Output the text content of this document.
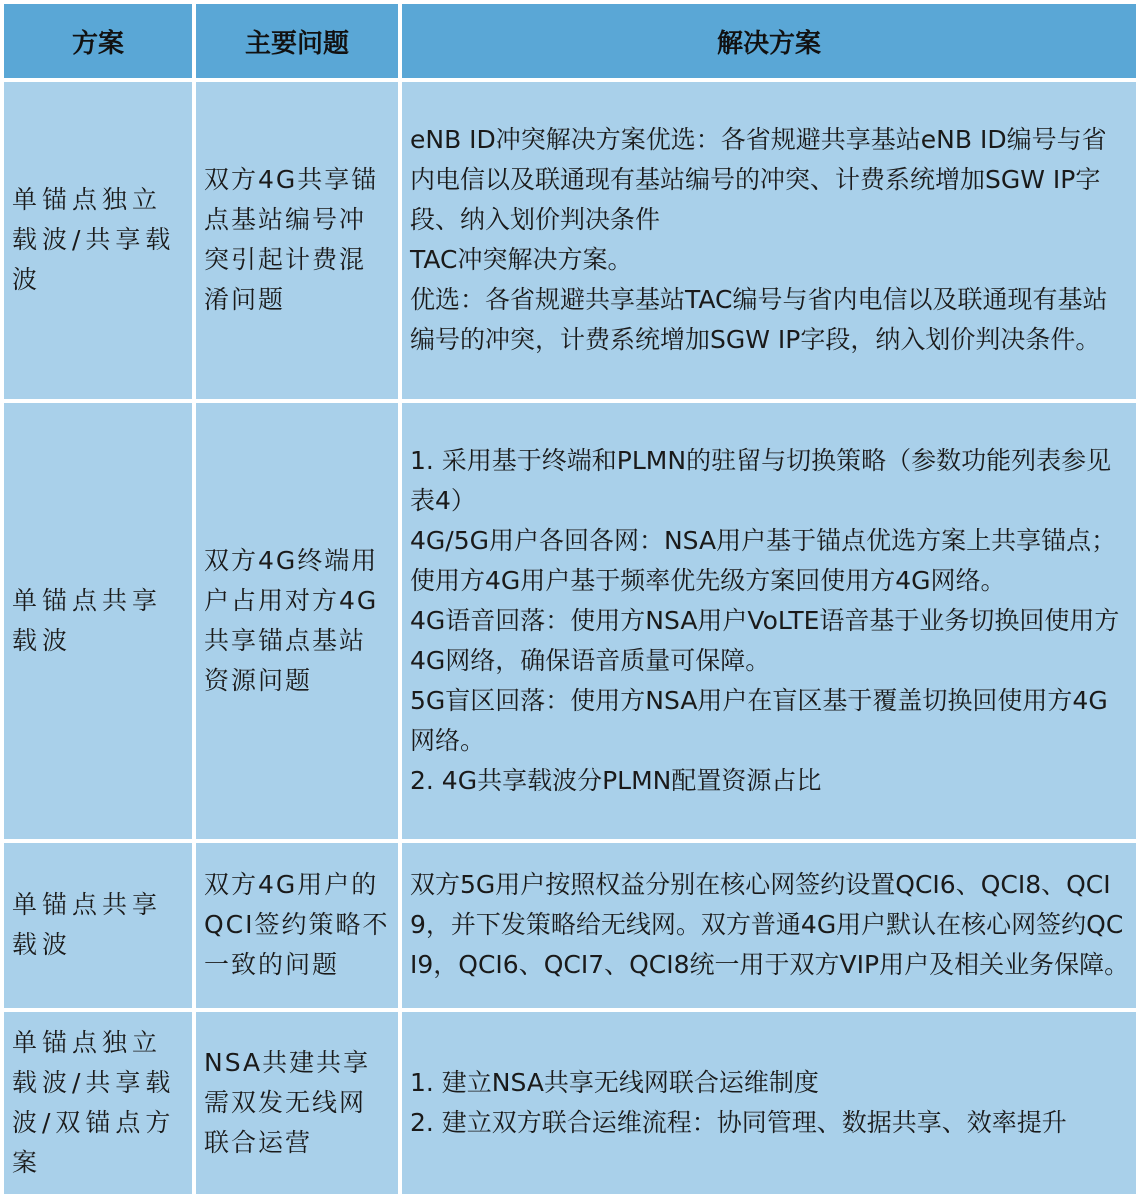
方案	主要问题	解决方案
单锚点独立载波/共享载波	双方4G共享锚点基站编号冲突引起计费混淆问题	eNB ID冲突解决方案优选：各省规避共享基站eNB ID编号与省内电信以及联通现有基站编号的冲突、计费系统增加SGW IP字段、纳入划价判决条件
TAC冲突解决方案。
优选：各省规避共享基站TAC编号与省内电信以及联通现有基站编号的冲突，计费系统增加SGW IP字段，纳入划价判决条件。

单锚点共享载波	双方4G终端用户占用对方4G共享锚点基站资源问题	1. 采用基于终端和PLMN的驻留与切换策略（参数功能列表参见表4）
4G/5G用户各回各网：NSA用户基于锚点优选方案上共享锚点；使用方4G用户基于频率优先级方案回使用方4G网络。
4G语音回落：使用方NSA用户VoLTE语音基于业务切换回使用方4G网络，确保语音质量可保障。
5G盲区回落：使用方NSA用户在盲区基于覆盖切换回使用方4G网络。
2. 4G共享载波分PLMN配置资源占比

单锚点共享载波	双方4G用户的QCI签约策略不一致的问题	双方5G用户按照权益分别在核心网签约设置QCI6、QCI8、QCI9，并下发策略给无线网。双方普通4G用户默认在核心网签约QCI9，QCI6、QCI7、QCI8统一用于双方VIP用户及相关业务保障。

单锚点独立载波/共享载波/双锚点方案	NSA共建共享需双发无线网联合运营	1. 建立NSA共享无线网联合运维制度
2. 建立双方联合运维流程：协同管理、数据共享、效率提升
